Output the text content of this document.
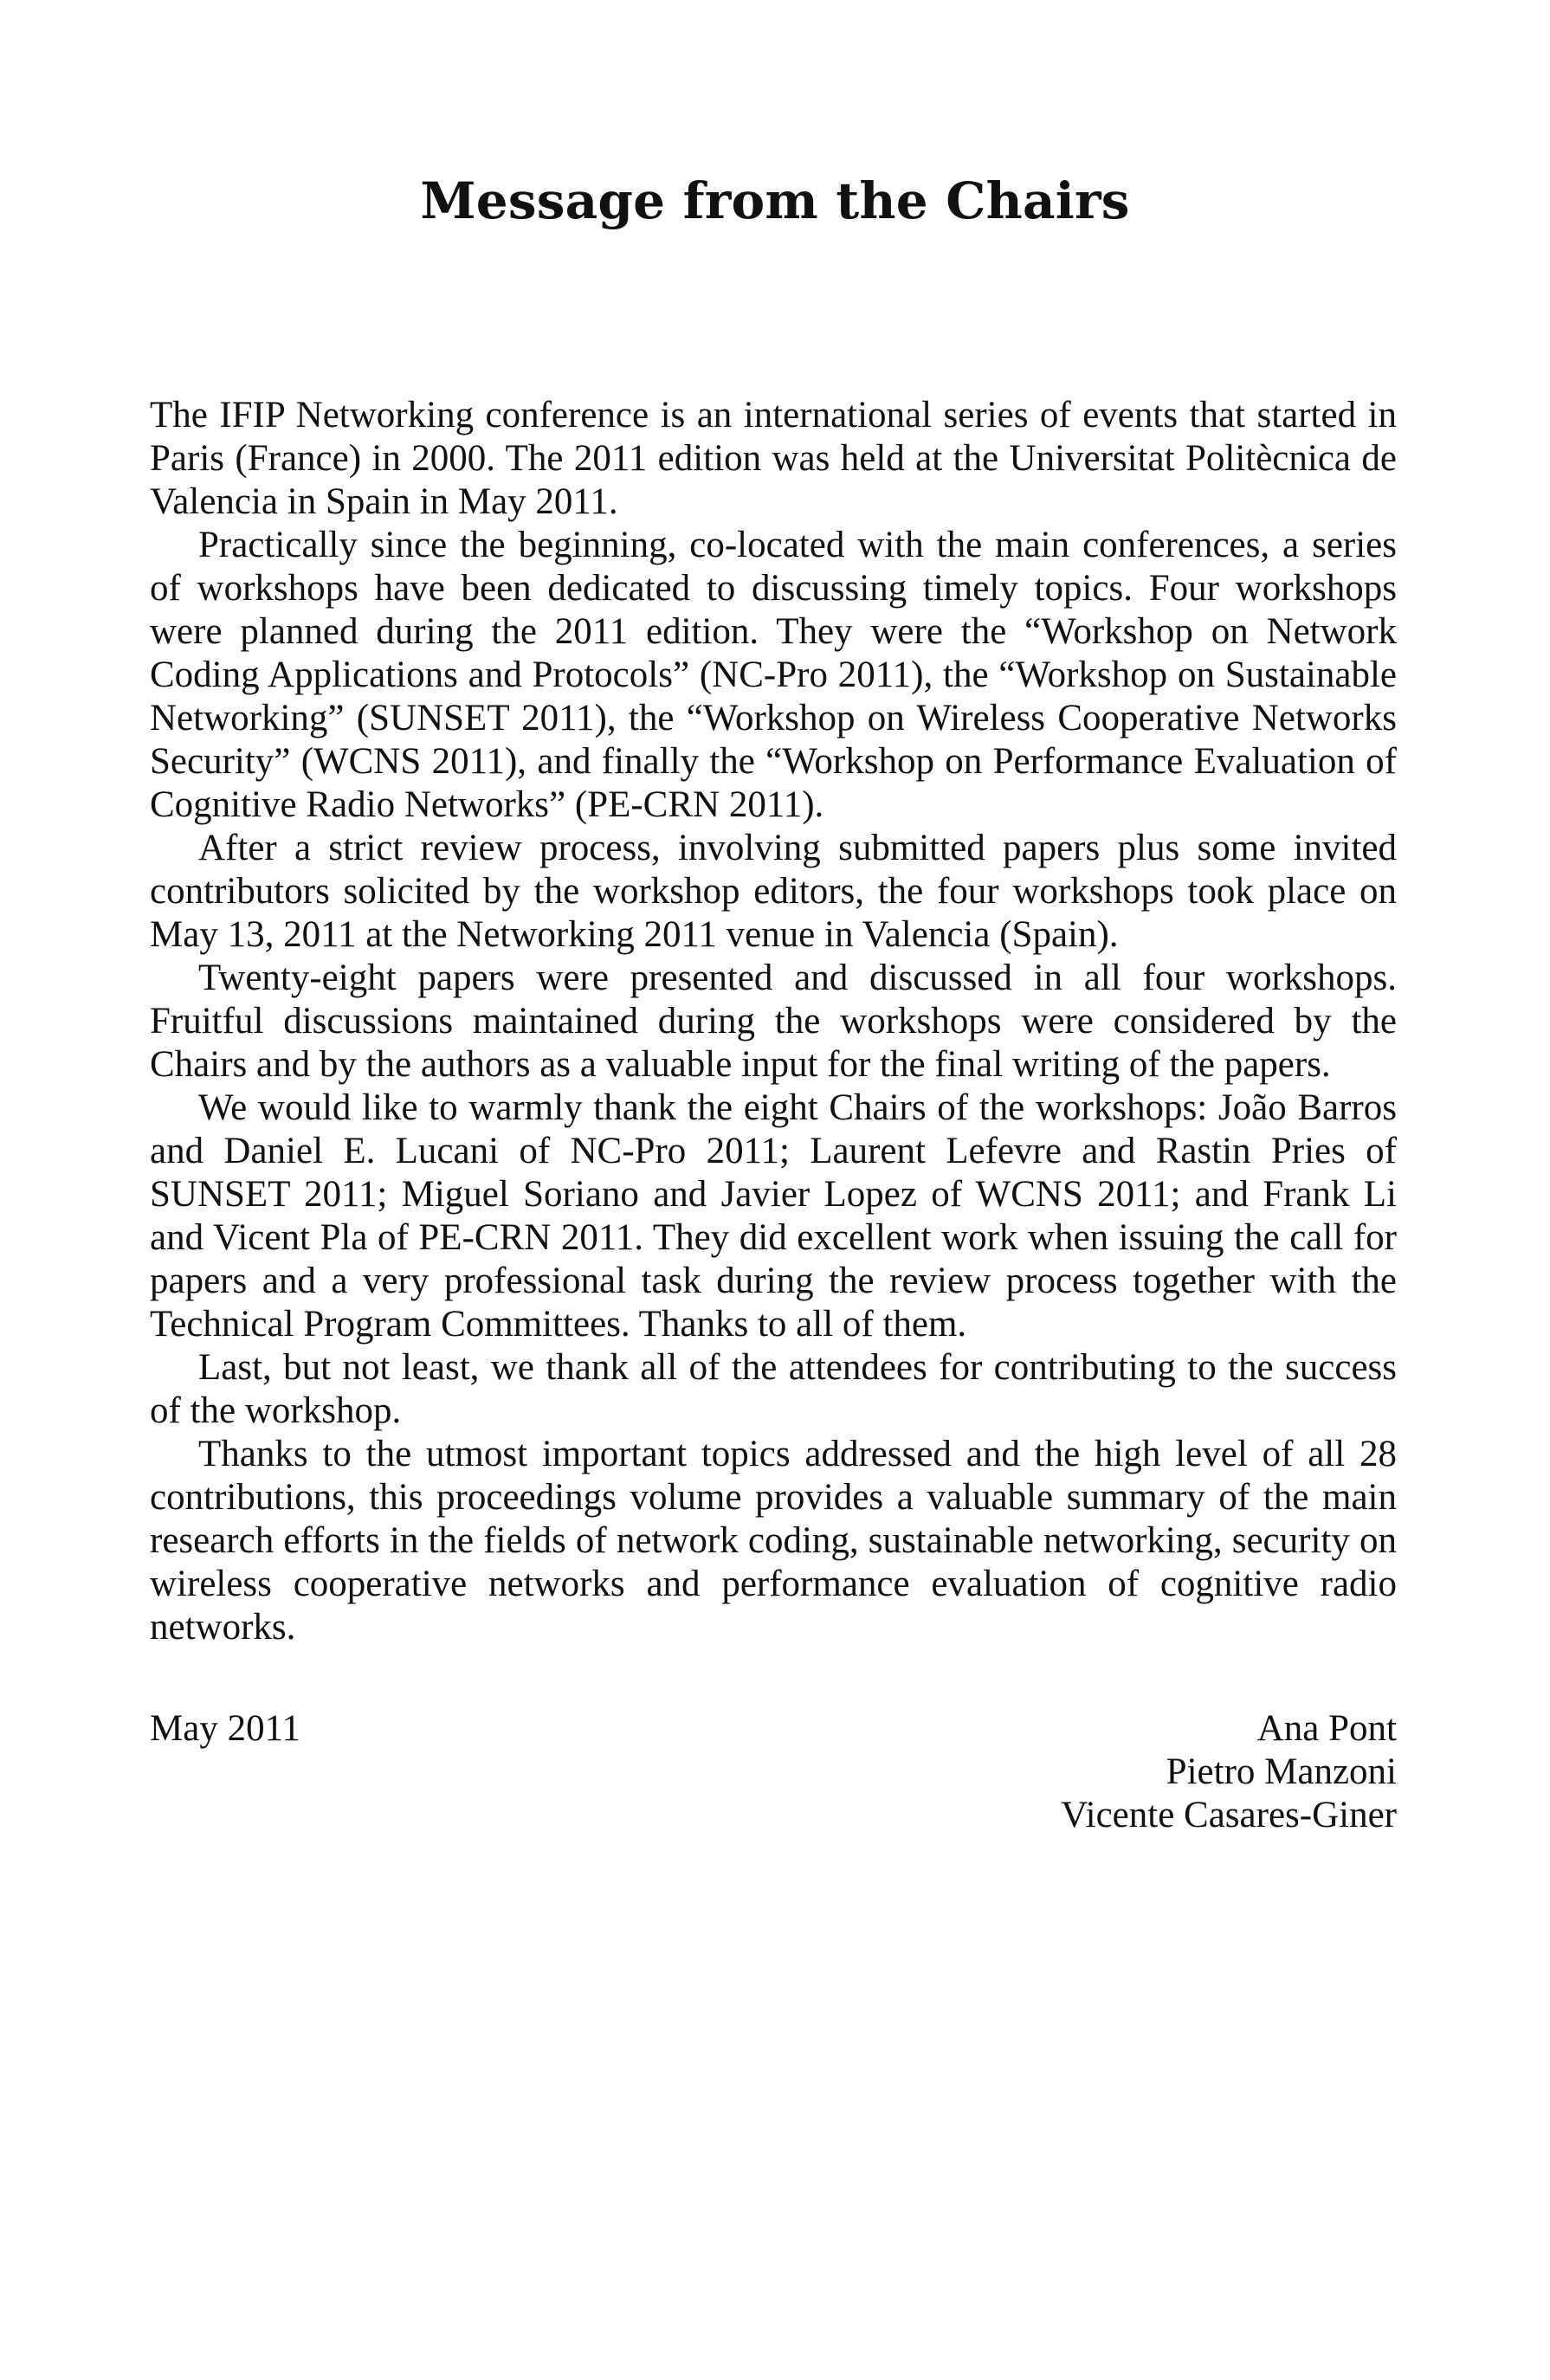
Message from the Chairs

The IFIP Networking conference is an international series of events that started in Paris (France) in 2000. The 2011 edition was held at the Universitat Politècnica de Valencia in Spain in May 2011.

Practically since the beginning, co-located with the main conferences, a series of workshops have been dedicated to discussing timely topics. Four workshops were planned during the 2011 edition. They were the “Workshop on Network Coding Applications and Protocols” (NC-Pro 2011), the “Workshop on Sustainable Networking” (SUNSET 2011), the “Workshop on Wireless Cooperative Networks Security” (WCNS 2011), and finally the “Workshop on Performance Evaluation of Cognitive Radio Networks” (PE-CRN 2011).

After a strict review process, involving submitted papers plus some invited contributors solicited by the workshop editors, the four workshops took place on May 13, 2011 at the Networking 2011 venue in Valencia (Spain).

Twenty-eight papers were presented and discussed in all four workshops. Fruitful discussions maintained during the workshops were considered by the Chairs and by the authors as a valuable input for the final writing of the papers.

We would like to warmly thank the eight Chairs of the workshops: João Barros and Daniel E. Lucani of NC-Pro 2011; Laurent Lefevre and Rastin Pries of SUNSET 2011; Miguel Soriano and Javier Lopez of WCNS 2011; and Frank Li and Vicent Pla of PE-CRN 2011. They did excellent work when issuing the call for papers and a very professional task during the review process together with the Technical Program Committees. Thanks to all of them.

Last, but not least, we thank all of the attendees for contributing to the success of the workshop.

Thanks to the utmost important topics addressed and the high level of all 28 contributions, this proceedings volume provides a valuable summary of the main research efforts in the fields of network coding, sustainable networking, security on wireless cooperative networks and performance evaluation of cognitive radio networks.

May 2011	Ana Pont
Pietro Manzoni
Vicente Casares-Giner
